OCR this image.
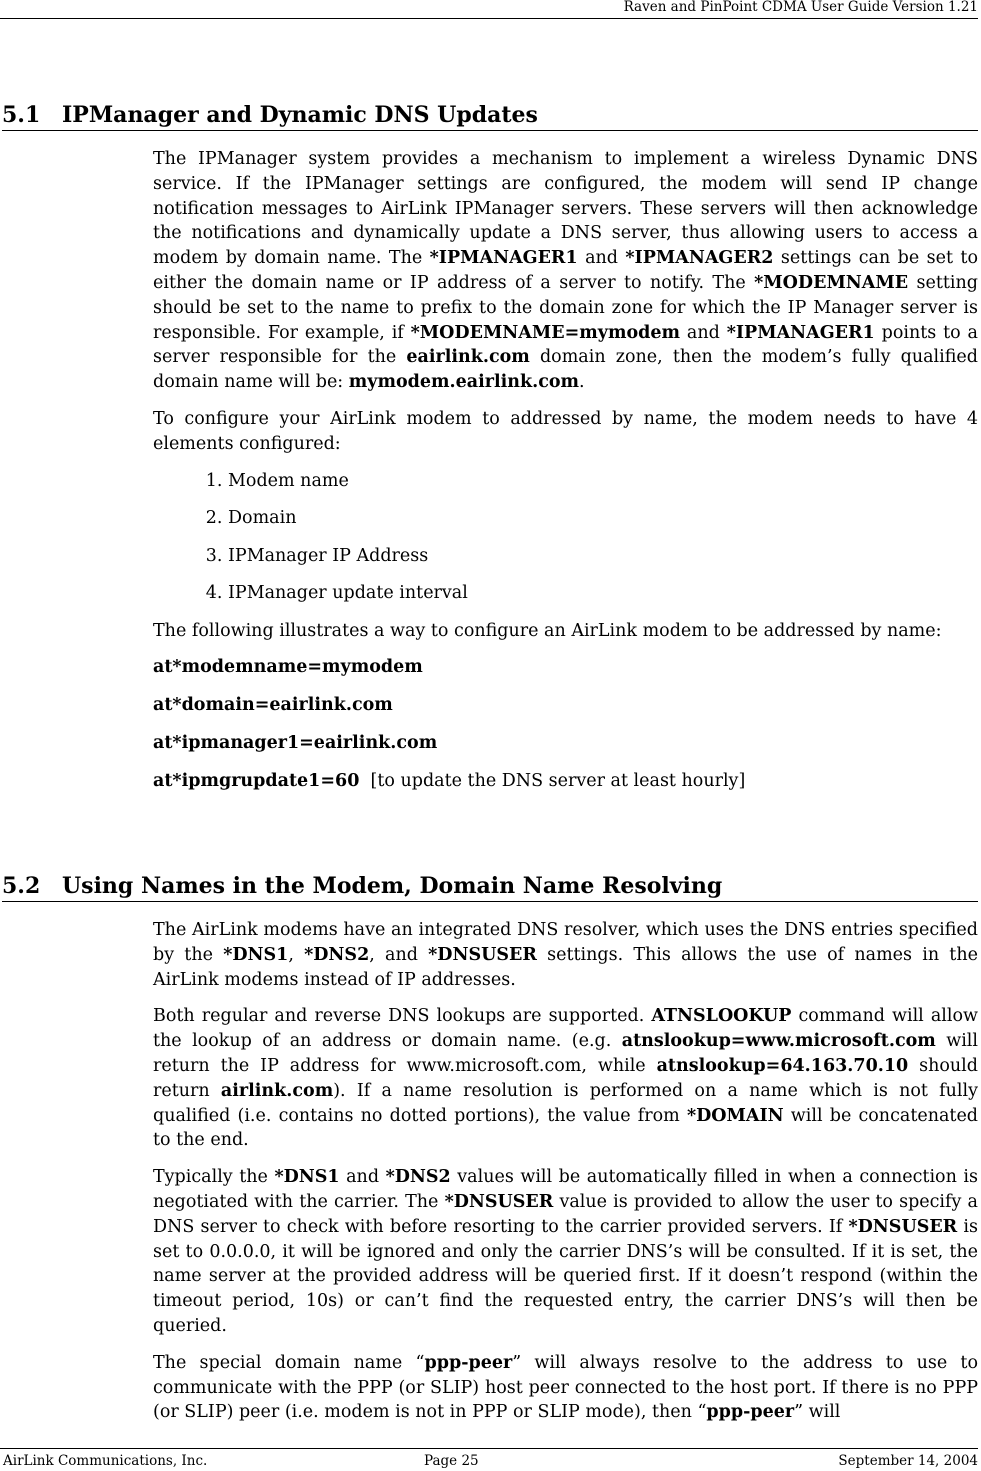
Raven and PinPoint CDMA User Guide Version 1.21
5.1 IPManager and Dynamic DNS Updates

The IPManager system provides a mechanism to implement a wireless Dynamic DNS service. If the IPManager settings are configured, the modem will send IP change notification messages to AirLink IPManager servers. These servers will then acknowledge the notifications and dynamically update a DNS server, thus allowing users to access a modem by domain name. The *IPMANAGER1 and *IPMANAGER2 settings can be set to either the domain name or IP address of a server to notify. The *MODEMNAME setting should be set to the name to prefix to the domain zone for which the IP Manager server is responsible. For example, if *MODEMNAME=mymodem and *IPMANAGER1 points to a server responsible for the eairlink.com domain zone, then the modem’s fully qualified domain name will be: mymodem.eairlink.com.

To configure your AirLink modem to addressed by name, the modem needs to have 4 elements configured:

1. Modem name
2. Domain
3. IPManager IP Address
4. IPManager update interval

The following illustrates a way to configure an AirLink modem to be addressed by name:

at*modemname=mymodem
at*domain=eairlink.com
at*ipmanager1=eairlink.com
at*ipmgrupdate1=60  [to update the DNS server at least hourly]
5.2 Using Names in the Modem, Domain Name Resolving

The AirLink modems have an integrated DNS resolver, which uses the DNS entries specified by the *DNS1, *DNS2, and *DNSUSER settings. This allows the use of names in the AirLink modems instead of IP addresses.

Both regular and reverse DNS lookups are supported. ATNSLOOKUP command will allow the lookup of an address or domain name. (e.g. atnslookup=www.microsoft.com will return the IP address for www.microsoft.com, while atnslookup=64.163.70.10 should return airlink.com). If a name resolution is performed on a name which is not fully qualified (i.e. contains no dotted portions), the value from *DOMAIN will be concatenated to the end.

Typically the *DNS1 and *DNS2 values will be automatically filled in when a connection is negotiated with the carrier. The *DNSUSER value is provided to allow the user to specify a DNS server to check with before resorting to the carrier provided servers. If *DNSUSER is set to 0.0.0.0, it will be ignored and only the carrier DNS’s will be consulted. If it is set, the name server at the provided address will be queried first. If it doesn’t respond (within the timeout period, 10s) or can’t find the requested entry, the carrier DNS’s will then be queried.

The special domain name “ppp-peer” will always resolve to the address to use to communicate with the PPP (or SLIP) host peer connected to the host port. If there is no PPP (or SLIP) peer (i.e. modem is not in PPP or SLIP mode), then “ppp-peer” will

AirLink Communications, Inc.	Page 25	September 14, 2004
